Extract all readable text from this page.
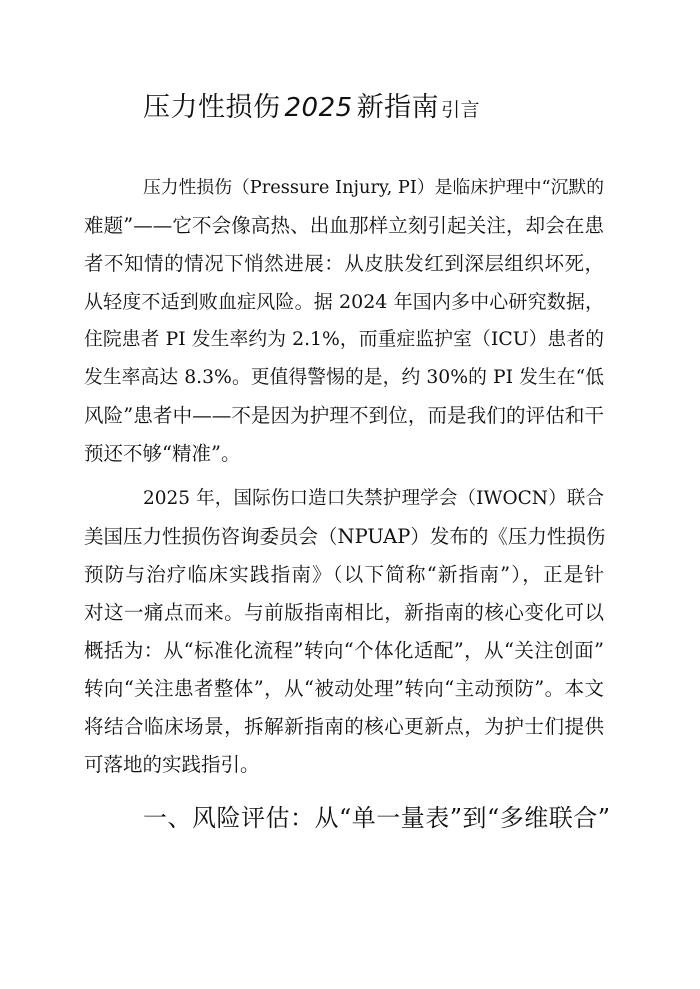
压力性损伤 2025 新指南 引言
压力性损伤（Pressure Injury, PI）是临床护理中“沉默的
难题”——它不会像高热、出血那样立刻引起关注，却会在患
者不知情的情况下悄然进展：从皮肤发红到深层组织坏死，
从轻度不适到败血症风险。据 2024 年国内多中心研究数据，
住院患者 PI 发生率约为 2.1%，而重症监护室（ICU）患者的
发生率高达 8.3%。更值得警惕的是，约 30%的 PI 发生在“低
风险”患者中——不是因为护理不到位，而是我们的评估和干
预还不够“精准”。
2025 年，国际伤口造口失禁护理学会（IWOCN）联合
美国压力性损伤咨询委员会（NPUAP）发布的《压力性损伤
预防与治疗临床实践指南》（以下简称“新指南”），正是针
对这一痛点而来。与前版指南相比，新指南的核心变化可以
概括为：从“标准化流程”转向“个体化适配”，从“关注创面”
转向“关注患者整体”，从“被动处理”转向“主动预防”。本文
将结合临床场景，拆解新指南的核心更新点，为护士们提供
可落地的实践指引。
一、风险评估：从“单一量表”到“多维联合”
